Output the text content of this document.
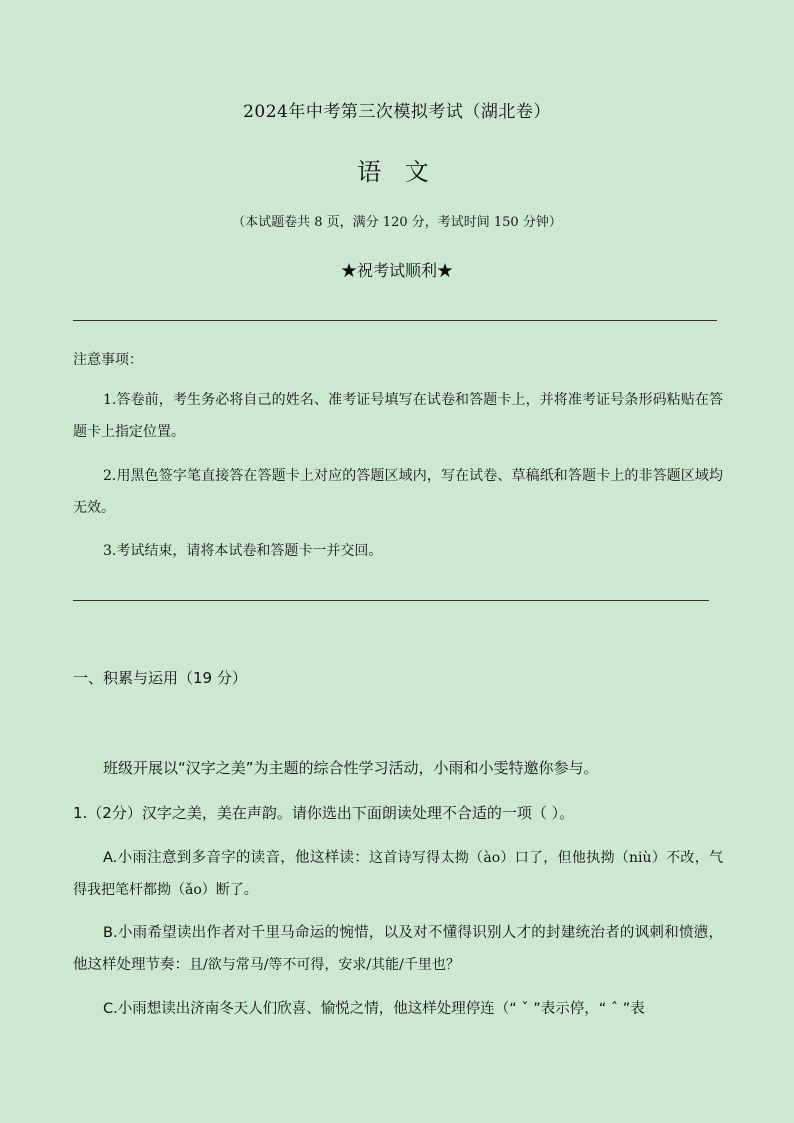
2024年中考第三次模拟考试（湖北卷）
语 文
（本试题卷共 8 页，满分 120 分，考试时间 150 分钟）
★祝考试顺利★
注意事项：
1.答卷前，考生务必将自己的姓名、准考证号填写在试卷和答题卡上，并将准考证号条形码粘贴在答题卡上指定位置。
2.用黑色签字笔直接答在答题卡上对应的答题区域内，写在试卷、草稿纸和答题卡上的非答题区域均无效。
3.考试结束，请将本试卷和答题卡一并交回。
一、积累与运用（19 分）
班级开展以“汉字之美”为主题的综合性学习活动，小雨和小雯特邀你参与。
1.（2分）汉字之美，美在声韵。请你选出下面朗读处理不合适的一项（ ）。
A.小雨注意到多音字的读音，他这样读：这首诗写得太拗（ào）口了，但他执拗（niù）不改，气得我把笔杆都拗（ǎo）断了。
B.小雨希望读出作者对千里马命运的惋惜，以及对不懂得识别人才的封建统治者的讽刺和愤懑，他这样处理节奏：且/欲与常马/等不可得，安求/其能/千里也？
C.小雨想读出济南冬天人们欣喜、愉悦之情，他这样处理停连（“ ˇ ”表示停，“ ˆ ”表
